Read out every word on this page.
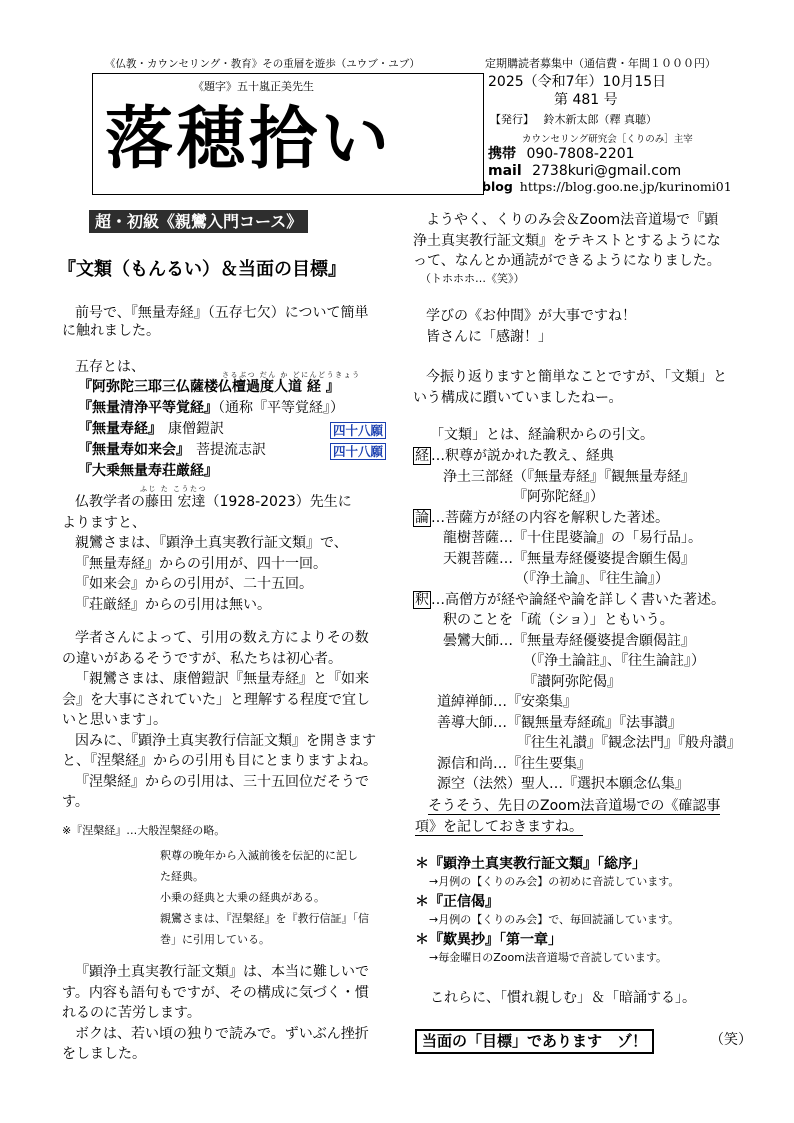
《仏教・カウンセリング・教育》その重層を遊歩（ユウブ・ユブ）	定期購読者募集中（通信費・年間１０００円）
《題字》五十嵐正美先生
落穂拾い
2025（令和7年）10月15日
第 481 号
【発行】 鈴木新太郎（釋 真聴）
カウンセリング研究会［くりのみ］主宰
携帯 090-7808-2201
mail 2738kuri@gmail.com
blog https://blog.goo.ne.jp/kurinomi01
超・初級《親鸞入門コース》
『文類（もんるい）＆当面の目標』
前号で、『無量寿経』（五存七欠）について簡単
に触れました。
五存とは、	さるぶつ だん か どにんどうきょう
『阿弥陀三耶三仏薩楼仏檀過度人道 経 』
『無量清浄平等覚経』（通称『平等覚経』）
『無量寿経』 康僧鎧訳	四十八願
『無量寿如来会』 菩提流志訳	四十八願
『大乗無量寿荘厳経』
ふじ た こうたつ
仏教学者の藤田 宏達（1928-2023）先生に
よりますと、
親鸞さまは、『顕浄土真実教行証文類』で、
『無量寿経』からの引用が、四十一回。
『如来会』からの引用が、二十五回。
『荘厳経』からの引用は無い。
学者さんによって、引用の数え方によりその数
の違いがあるそうですが、私たちは初心者。
「親鸞さまは、康僧鎧訳『無量寿経』と『如来
会』を大事にされていた」と理解する程度で宜し
いと思います」。
因みに、『顕浄土真実教行信証文類』を開きます
と、『涅槃経』からの引用も目にとまりますよね。
『涅槃経』からの引用は、三十五回位だそうで
す。
※『涅槃経』…大般涅槃経の略。
釈尊の晩年から入滅前後を伝記的に記し
た経典。
小乗の経典と大乗の経典がある。
親鸞さまは、『涅槃経』を『教行信証』「信
巻」に引用している。
『顕浄土真実教行証文類』は、本当に難しいで
す。内容も語句もですが、その構成に気づく・慣
れるのに苦労します。
ボクは、若い頃の独りで読みで。ずいぶん挫折
をしました。
ようやく、くりのみ会＆Zoom法音道場で『顕
浄土真実教行証文類』をテキストとするようにな
って、なんとか通読ができるようになりました。
（トホホホ…《笑》）
学びの《お仲間》が大事ですね！
皆さんに「感謝！」
今振り返りますと簡単なことですが、「文類」と
いう構成に躓いていましたねー。
「文類」とは、経論釈からの引文。
経 …釈尊が説かれた教え、経典
浄土三部経（『無量寿経』『観無量寿経』
『阿弥陀経』）
論 …菩薩方が経の内容を解釈した著述。
龍樹菩薩…『十住毘婆論』の「易行品」。
天親菩薩…『無量寿経優婆提舎願生偈』
（『浄土論』、『往生論』）
釈 …高僧方が経や論経や論を詳しく書いた著述。
釈のことを「疏（ショ）」ともいう。
曇鸞大師…『無量寿経優婆提舎願偈註』
（『浄土論註』、『往生論註』）
『讃阿弥陀偈』
道綽禅師…『安楽集』
善導大師…『観無量寿経疏』『法事讃』
『往生礼讃』『観念法門』『般舟讃』
源信和尚…『往生要集』
源空（法然）聖人…『選択本願念仏集』
そうそう、先日のZoom法音道場での《確認事
項》を記しておきますね。
＊『顕浄土真実教行証文類』「総序」
→月例の【くりのみ会】の初めに音読しています。
＊『正信偈』
→月例の【くりのみ会】で、毎回読誦しています。
＊『歎異抄』「第一章」
→毎金曜日のZoom法音道場で音読しています。
これらに、「慣れ親しむ」＆「暗誦する」。
当面の「目標」であります　ゾ！	（笑）
